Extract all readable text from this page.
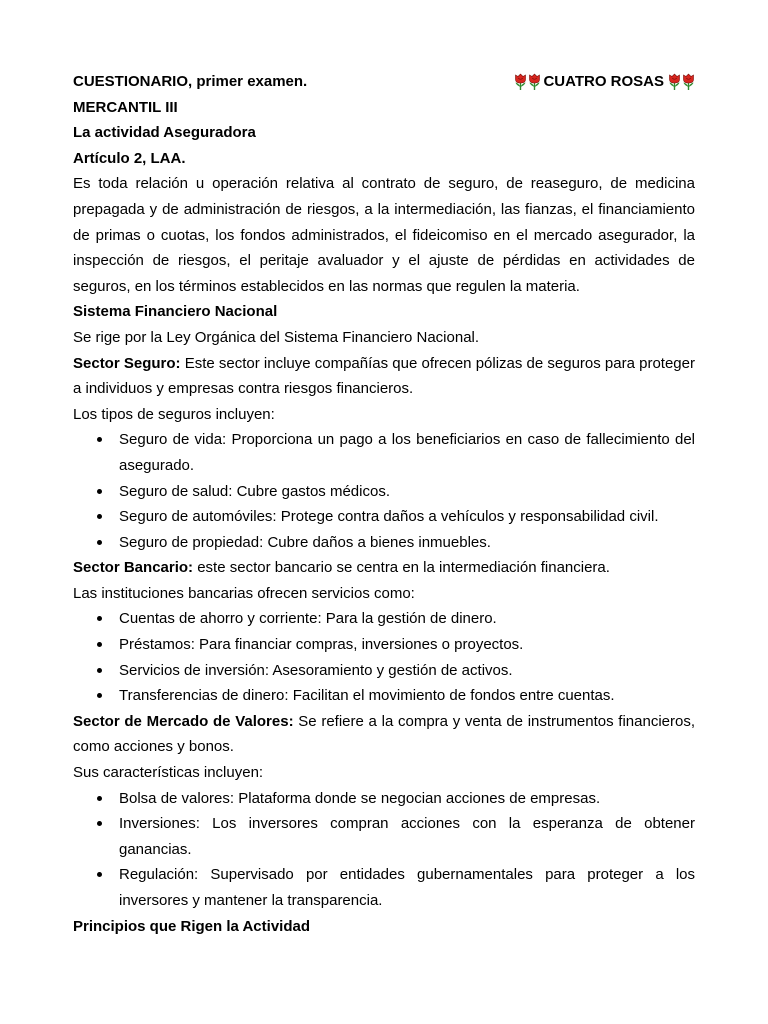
CUESTIONARIO, primer examen.	CUATRO ROSAS

MERCANTIL III

La actividad Aseguradora

Artículo 2, LAA.

Es toda relación u operación relativa al contrato de seguro, de reaseguro, de medicina prepagada y de administración de riesgos, a la intermediación, las fianzas, el financiamiento de primas o cuotas, los fondos administrados, el fideicomiso en el mercado asegurador, la inspección de riesgos, el peritaje avaluador y el ajuste de pérdidas en actividades de seguros, en los términos establecidos en las normas que regulen la materia.

Sistema Financiero Nacional

Se rige por la Ley Orgánica del Sistema Financiero Nacional.

Sector Seguro: Este sector incluye compañías que ofrecen pólizas de seguros para proteger a individuos y empresas contra riesgos financieros.

Los tipos de seguros incluyen:

Seguro de vida: Proporciona un pago a los beneficiarios en caso de fallecimiento del asegurado.
Seguro de salud: Cubre gastos médicos.
Seguro de automóviles: Protege contra daños a vehículos y responsabilidad civil.
Seguro de propiedad: Cubre daños a bienes inmuebles.

Sector Bancario: este sector bancario se centra en la intermediación financiera.

Las instituciones bancarias ofrecen servicios como:

Cuentas de ahorro y corriente: Para la gestión de dinero.
Préstamos: Para financiar compras, inversiones o proyectos.
Servicios de inversión: Asesoramiento y gestión de activos.
Transferencias de dinero: Facilitan el movimiento de fondos entre cuentas.

Sector de Mercado de Valores: Se refiere a la compra y venta de instrumentos financieros, como acciones y bonos.

Sus características incluyen:

Bolsa de valores: Plataforma donde se negocian acciones de empresas.
Inversiones: Los inversores compran acciones con la esperanza de obtener ganancias.
Regulación: Supervisado por entidades gubernamentales para proteger a los inversores y mantener la transparencia.

Principios que Rigen la Actividad
